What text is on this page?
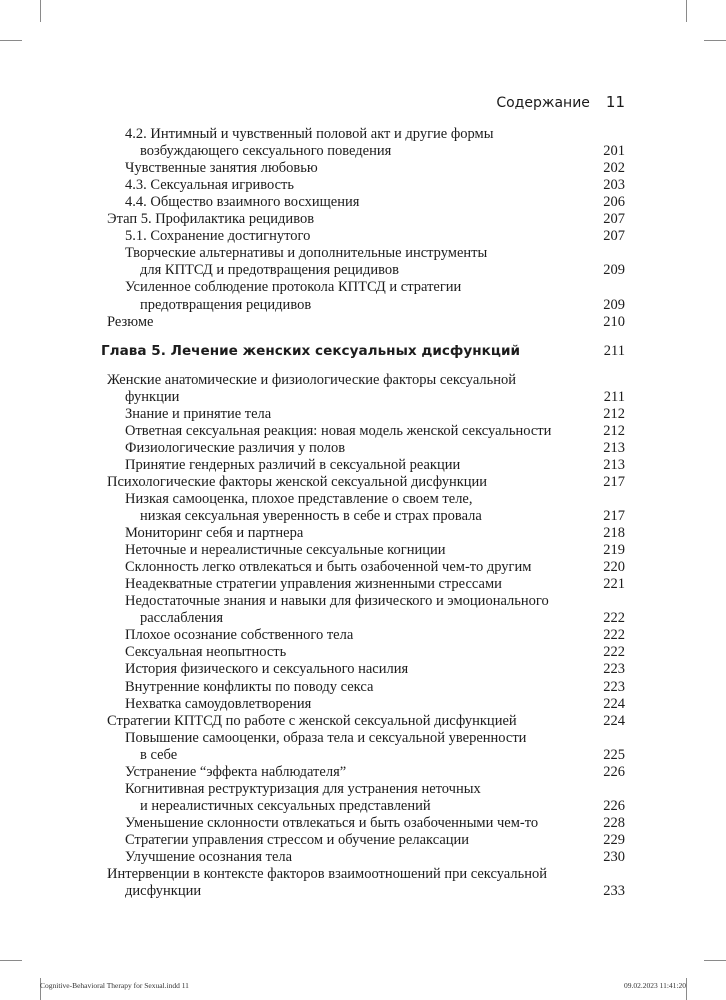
Содержание 11
4.2. Интимный и чувственный половой акт и другие формы
возбуждающего сексуального поведения	201
Чувственные занятия любовью	202
4.3. Сексуальная игривость	203
4.4. Общество взаимного восхищения	206
Этап 5. Профилактика рецидивов	207
5.1. Сохранение достигнутого	207
Творческие альтернативы и дополнительные инструменты
для КПТСД и предотвращения рецидивов	209
Усиленное соблюдение протокола КПТСД и стратегии
предотвращения рецидивов	209
Резюме	210
Глава 5. Лечение женских сексуальных дисфункций	211
Женские анатомические и физиологические факторы сексуальной
функции	211
Знание и принятие тела	212
Ответная сексуальная реакция: новая модель женской сексуальности	212
Физиологические различия у полов	213
Принятие гендерных различий в сексуальной реакции	213
Психологические факторы женской сексуальной дисфункции	217
Низкая самооценка, плохое представление о своем теле,
низкая сексуальная уверенность в себе и страх провала	217
Мониторинг себя и партнера	218
Неточные и нереалистичные сексуальные когниции	219
Склонность легко отвлекаться и быть озабоченной чем-то другим	220
Неадекватные стратегии управления жизненными стрессами	221
Недостаточные знания и навыки для физического и эмоционального
расслабления	222
Плохое осознание собственного тела	222
Сексуальная неопытность	222
История физического и сексуального насилия	223
Внутренние конфликты по поводу секса	223
Нехватка самоудовлетворения	224
Стратегии КПТСД по работе с женской сексуальной дисфункцией	224
Повышение самооценки, образа тела и сексуальной уверенности
в себе	225
Устранение “эффекта наблюдателя”	226
Когнитивная реструктуризация для устранения неточных
и нереалистичных сексуальных представлений	226
Уменьшение склонности отвлекаться и быть озабоченными чем-то	228
Стратегии управления стрессом и обучение релаксации	229
Улучшение осознания тела	230
Интервенции в контексте факторов взаимоотношений при сексуальной
дисфункции	233
Cognitive-Behavioral Therapy for Sexual.indd 11	09.02.2023 11:41:20
